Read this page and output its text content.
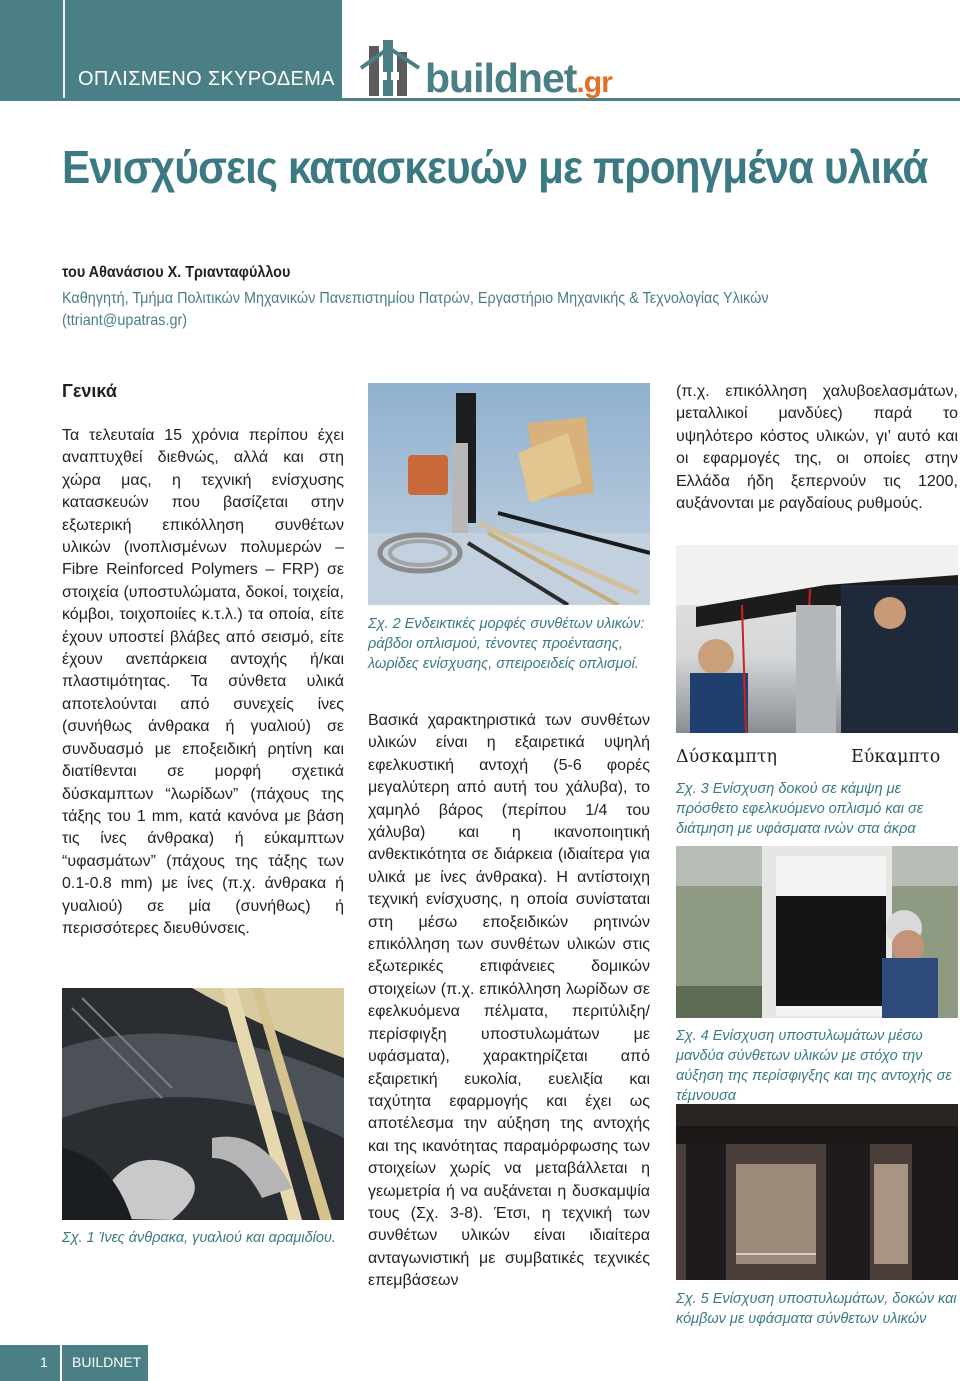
ΟΠΛΙΣΜΕΝΟ ΣΚΥΡΟΔΕΜΑ buildnet.gr
Ενισχύσεις κατασκευών με προηγμένα υλικά
του Αθανάσιου Χ. Τριανταφύλλου
Καθηγητή, Τμήμα Πολιτικών Μηχανικών Πανεπιστημίου Πατρών, Εργαστήριο Μηχανικής & Τεχνολογίας Υλικών (ttriant@upatras.gr)
Γενικά
Τα τελευταία 15 χρόνια περίπου έχει αναπτυχθεί διεθνώς, αλλά και στη χώρα μας, η τεχνική ενίσχυσης κατασκευών που βασίζεται στην εξωτερική επικόλληση συνθέτων υλικών (ινοπλισμένων πολυμερών – Fibre Reinforced Polymers – FRP) σε στοιχεία (υποστυλώματα, δοκοί, τοιχεία, κόμβοι, τοιχοποιίες κ.τ.λ.) τα οποία, είτε έχουν υποστεί βλάβες από σεισμό, είτε έχουν ανεπάρκεια αντοχής ή/και πλαστιμότητας. Τα σύνθετα υλικά αποτελούνται από συνεχείς ίνες (συνήθως άνθρακα ή γυαλιού) σε συνδυασμό με εποξειδική ρητίνη και διατίθενται σε μορφή σχετικά δύσκαμπτων “λωρίδων” (πάχους της τάξης του 1 mm, κατά κανόνα με βάση τις ίνες άνθρακα) ή εύκαμπτων “υφασμάτων” (πάχους της τάξης των 0.1-0.8 mm) με ίνες (π.χ. άνθρακα ή γυαλιού) σε μία (συνήθως) ή περισσότερες διευθύνσεις.
Σχ. 1 Ίνες άνθρακα, γυαλιού και αραμιδίου.
Σχ. 2 Ενδεικτικές μορφές συνθέτων υλικών: ράβδοι οπλισμού, τένοντες προέντασης, λωρίδες ενίσχυσης, σπειροειδείς οπλισμοί.
Βασικά χαρακτηριστικά των συνθέτων υλικών είναι η εξαιρετικά υψηλή εφελκυστική αντοχή (5-6 φορές μεγαλύτερη από αυτή του χάλυβα), το χαμηλό βάρος (περίπου 1/4 του χάλυβα) και η ικανοποιητική ανθεκτικότητα σε διάρκεια (ιδιαίτερα για υλικά με ίνες άνθρακα). Η αντίστοιχη τεχνική ενίσχυσης, η οποία συνίσταται στη μέσω εποξειδικών ρητινών επικόλληση των συνθέτων υλικών στις εξωτερικές επιφάνειες δομικών στοιχείων (π.χ. επικόλληση λωρίδων σε εφελκυόμενα πέλματα, περιτύλιξη/περίσφιγξη υποστυλωμάτων με υφάσματα), χαρακτηρίζεται από εξαιρετική ευκολία, ευελιξία και ταχύτητα εφαρμογής και έχει ως αποτέλεσμα την αύξηση της αντοχής και της ικανότητας παραμόρφωσης των στοιχείων χωρίς να μεταβάλλεται η γεωμετρία ή να αυξάνεται η δυσκαμψία τους (Σχ. 3-8). Έτσι, η τεχνική των συνθέτων υλικών είναι ιδιαίτερα ανταγωνιστική με συμβατικές τεχνικές επεμβάσεων
(π.χ. επικόλληση χαλυβοελασμάτων, μεταλλικοί μανδύες) παρά το υψηλότερο κόστος υλικών, γι’ αυτό και οι εφαρμογές της, οι οποίες στην Ελλάδα ήδη ξεπερνούν τις 1200, αυξάνονται με ραγδαίους ρυθμούς.
Δύσκαμπτη	Εύκαμπτο
Σχ. 3 Ενίσχυση δοκού σε κάμψη με πρόσθετο εφελκυόμενο οπλισμό και σε διάτμηση με υφάσματα ινών στα άκρα
Σχ. 4 Ενίσχυση υποστυλωμάτων μέσω μανδύα σύνθετων υλικών με στόχο την αύξηση της περίσφιγξης και της αντοχής σε τέμνουσα
Σχ. 5 Ενίσχυση υποστυλωμάτων, δοκών και κόμβων με υφάσματα σύνθετων υλικών
1 BUILDNET
